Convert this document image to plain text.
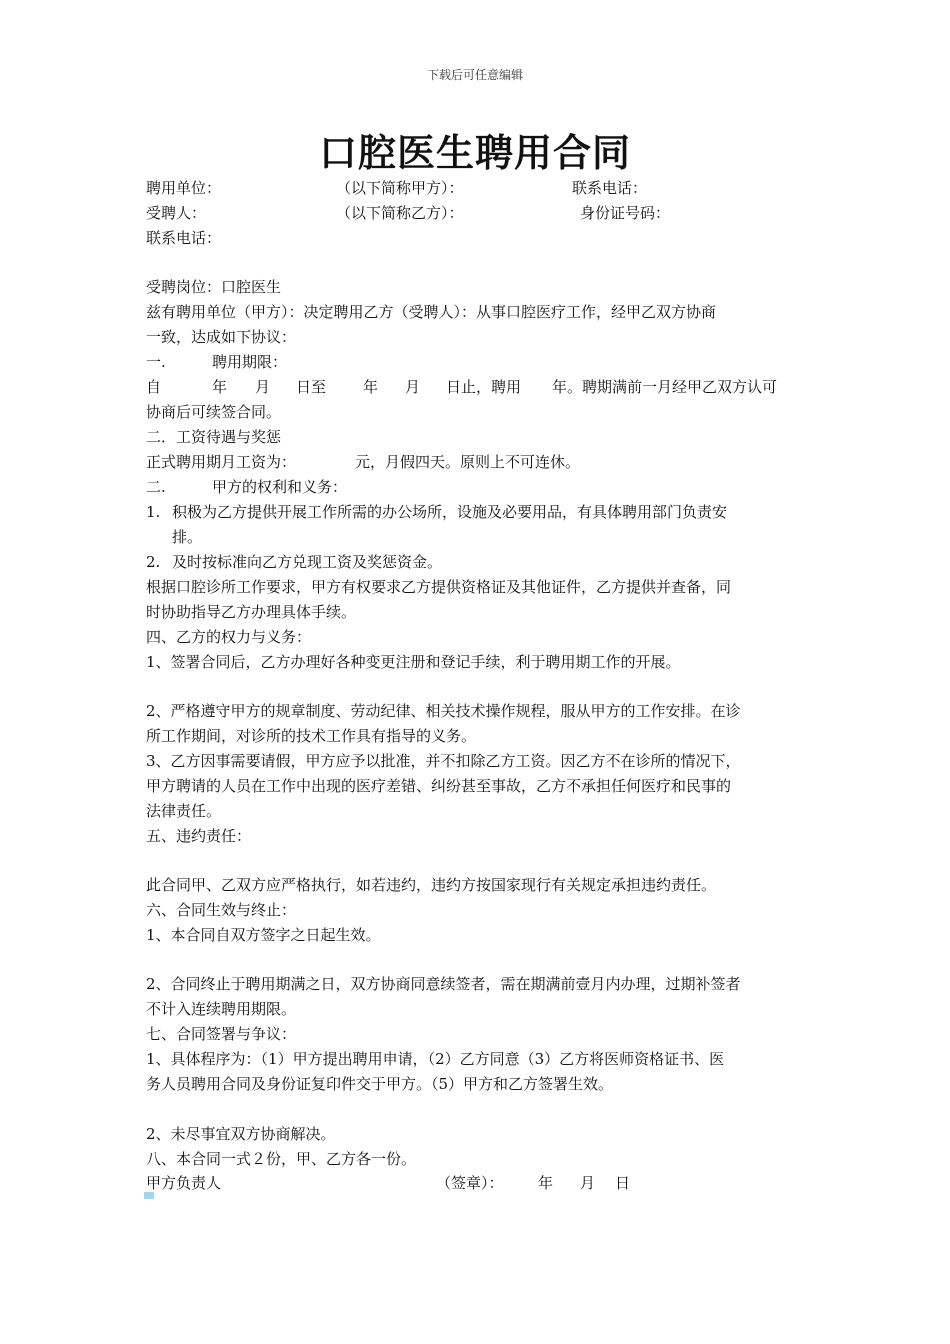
下载后可任意编辑
口腔医生聘用合同
聘用单位：	（以下简称甲方）：	联系电话：
受聘人：	（以下简称乙方）：	身份证号码：
联系电话：
受聘岗位：口腔医生
兹有聘用单位（甲方）：决定聘用乙方（受聘人）：从事口腔医疗工作，经甲乙双方协商
一致，达成如下协议：
一.	聘用期限：
自	年 月 日至 年 月 日止，聘用 年。聘期满前一月经甲乙双方认可
协商后可续签合同。
二．工资待遇与奖惩
正式聘用期月工资为：	元，月假四天。原则上不可连休。
二.	甲方的权利和义务：
1. 积极为乙方提供开展工作所需的办公场所，设施及必要用品，有具体聘用部门负责安
排。
2. 及时按标准向乙方兑现工资及奖惩资金。
根据口腔诊所工作要求，甲方有权要求乙方提供资格证及其他证件，乙方提供并查备，同
时协助指导乙方办理具体手续。
四、乙方的权力与义务：
1、签署合同后，乙方办理好各种变更注册和登记手续，利于聘用期工作的开展。
2、严格遵守甲方的规章制度、劳动纪律、相关技术操作规程，服从甲方的工作安排。在诊
所工作期间，对诊所的技术工作具有指导的义务。
3、乙方因事需要请假，甲方应予以批准，并不扣除乙方工资。因乙方不在诊所的情况下，
甲方聘请的人员在工作中出现的医疗差错、纠纷甚至事故，乙方不承担任何医疗和民事的
法律责任。
五、违约责任：
此合同甲、乙双方应严格执行，如若违约，违约方按国家现行有关规定承担违约责任。
六、合同生效与终止：
1、本合同自双方签字之日起生效。
2、合同终止于聘用期满之日，双方协商同意续签者，需在期满前壹月内办理，过期补签者
不计入连续聘用期限。
七、合同签署与争议：
1、具体程序为：（1）甲方提出聘用申请，（2）乙方同意（3）乙方将医师资格证书、医
务人员聘用合同及身份证复印件交于甲方。（5）甲方和乙方签署生效。
2、未尽事宜双方协商解决。
八、本合同一式２份，甲、乙方各一份。
甲方负责人	（签章）： 年 月 日
